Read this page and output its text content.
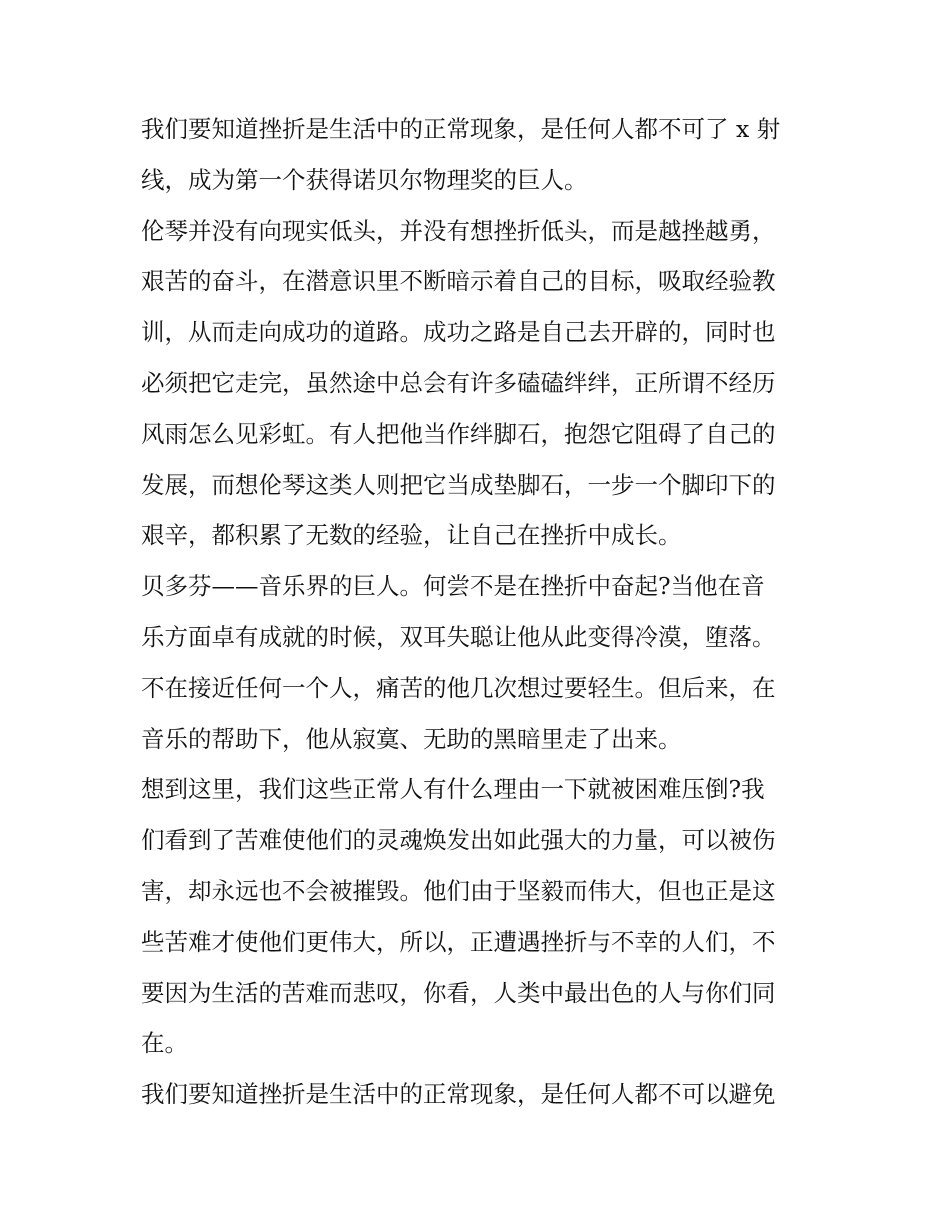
我们要知道挫折是生活中的正常现象，是任何人都不可了 x 射
线，成为第一个获得诺贝尔物理奖的巨人。
伦琴并没有向现实低头，并没有想挫折低头，而是越挫越勇，
艰苦的奋斗，在潜意识里不断暗示着自己的目标，吸取经验教
训，从而走向成功的道路。成功之路是自己去开辟的，同时也
必须把它走完，虽然途中总会有许多磕磕绊绊，正所谓不经历
风雨怎么见彩虹。有人把他当作绊脚石，抱怨它阻碍了自己的
发展，而想伦琴这类人则把它当成垫脚石，一步一个脚印下的
艰辛，都积累了无数的经验，让自己在挫折中成长。
贝多芬——音乐界的巨人。何尝不是在挫折中奋起?当他在音
乐方面卓有成就的时候，双耳失聪让他从此变得冷漠，堕落。
不在接近任何一个人，痛苦的他几次想过要轻生。但后来，在
音乐的帮助下，他从寂寞、无助的黑暗里走了出来。
想到这里，我们这些正常人有什么理由一下就被困难压倒?我
们看到了苦难使他们的灵魂焕发出如此强大的力量，可以被伤
害，却永远也不会被摧毁。他们由于坚毅而伟大，但也正是这
些苦难才使他们更伟大，所以，正遭遇挫折与不幸的人们，不
要因为生活的苦难而悲叹，你看，人类中最出色的人与你们同
在。
我们要知道挫折是生活中的正常现象，是任何人都不可以避免
